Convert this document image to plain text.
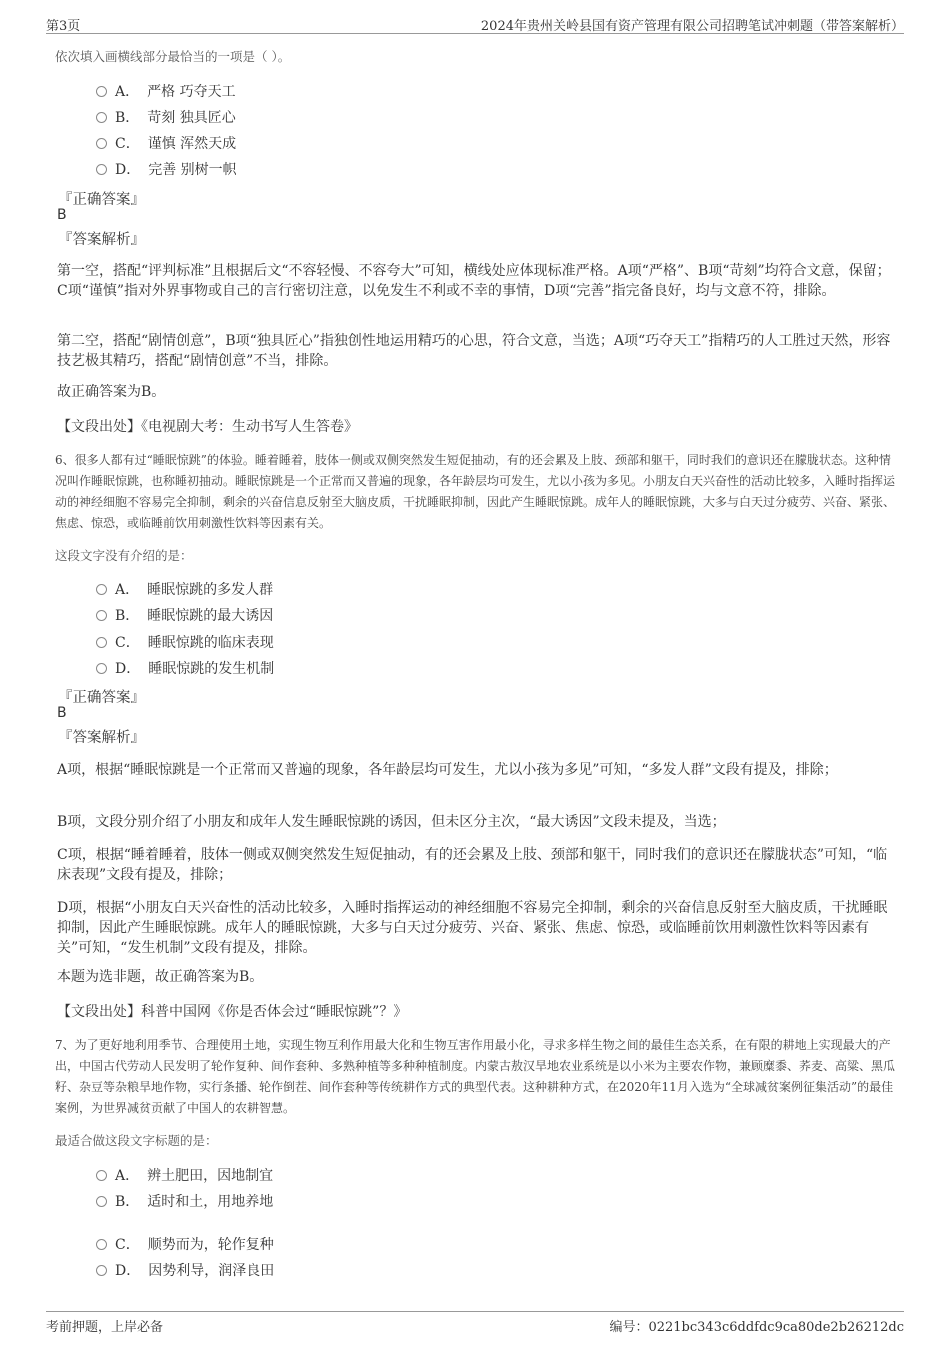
第3页	2024年贵州关岭县国有资产管理有限公司招聘笔试冲刺题（带答案解析）
依次填入画横线部分最恰当的一项是（ ）。
A． 严格 巧夺天工
B． 苛刻 独具匠心
C． 谨慎 浑然天成
D． 完善 别树一帜
『正确答案』
B
『答案解析』
第一空，搭配“评判标准”且根据后文“不容轻慢、不容夸大”可知，横线处应体现标准严格。A项“严格”、B项“苛刻”均符合文意，保留；C项“谨慎”指对外界事物或自己的言行密切注意，以免发生不利或不幸的事情，D项“完善”指完备良好，均与文意不符，排除。
第二空，搭配“剧情创意”，B项“独具匠心”指独创性地运用精巧的心思，符合文意，当选；A项“巧夺天工”指精巧的人工胜过天然，形容技艺极其精巧，搭配“剧情创意”不当，排除。
故正确答案为B。
【文段出处】《电视剧大考：生动书写人生答卷》
6、很多人都有过“睡眠惊跳”的体验。睡着睡着，肢体一侧或双侧突然发生短促抽动，有的还会累及上肢、颈部和躯干，同时我们的意识还在朦胧状态。这种情况叫作睡眠惊跳，也称睡初抽动。睡眠惊跳是一个正常而又普遍的现象，各年龄层均可发生，尤以小孩为多见。小朋友白天兴奋性的活动比较多，入睡时指挥运动的神经细胞不容易完全抑制，剩余的兴奋信息反射至大脑皮质，干扰睡眠抑制，因此产生睡眠惊跳。成年人的睡眠惊跳，大多与白天过分疲劳、兴奋、紧张、焦虑、惊恐，或临睡前饮用刺激性饮料等因素有关。
这段文字没有介绍的是：
A． 睡眠惊跳的多发人群
B． 睡眠惊跳的最大诱因
C． 睡眠惊跳的临床表现
D． 睡眠惊跳的发生机制
『正确答案』
B
『答案解析』
A项，根据“睡眠惊跳是一个正常而又普遍的现象，各年龄层均可发生，尤以小孩为多见”可知，“多发人群”文段有提及，排除；
B项，文段分别介绍了小朋友和成年人发生睡眠惊跳的诱因，但未区分主次，“最大诱因”文段未提及，当选；
C项，根据“睡着睡着，肢体一侧或双侧突然发生短促抽动，有的还会累及上肢、颈部和躯干，同时我们的意识还在朦胧状态”可知，“临床表现”文段有提及，排除；
D项，根据“小朋友白天兴奋性的活动比较多，入睡时指挥运动的神经细胞不容易完全抑制，剩余的兴奋信息反射至大脑皮质，干扰睡眠抑制，因此产生睡眠惊跳。成年人的睡眠惊跳，大多与白天过分疲劳、兴奋、紧张、焦虑、惊恐，或临睡前饮用刺激性饮料等因素有关”可知，“发生机制”文段有提及，排除。
本题为选非题，故正确答案为B。
【文段出处】科普中国网《你是否体会过“睡眠惊跳”？》
7、为了更好地利用季节、合理使用土地，实现生物互利作用最大化和生物互害作用最小化，寻求多样生物之间的最佳生态关系，在有限的耕地上实现最大的产出，中国古代劳动人民发明了轮作复种、间作套种、多熟种植等多种种植制度。内蒙古敖汉旱地农业系统是以小米为主要农作物，兼顾糜黍、荞麦、高粱、黑瓜籽、杂豆等杂粮旱地作物，实行条播、轮作倒茬、间作套种等传统耕作方式的典型代表。这种耕种方式，在2020年11月入选为“全球减贫案例征集活动”的最佳案例，为世界减贫贡献了中国人的农耕智慧。
最适合做这段文字标题的是：
A． 辨土肥田，因地制宜
B． 适时和土，用地养地
C． 顺势而为，轮作复种
D． 因势利导，润泽良田
考前押题，上岸必备	编号：0221bc343c6ddfdc9ca80de2b26212dc
